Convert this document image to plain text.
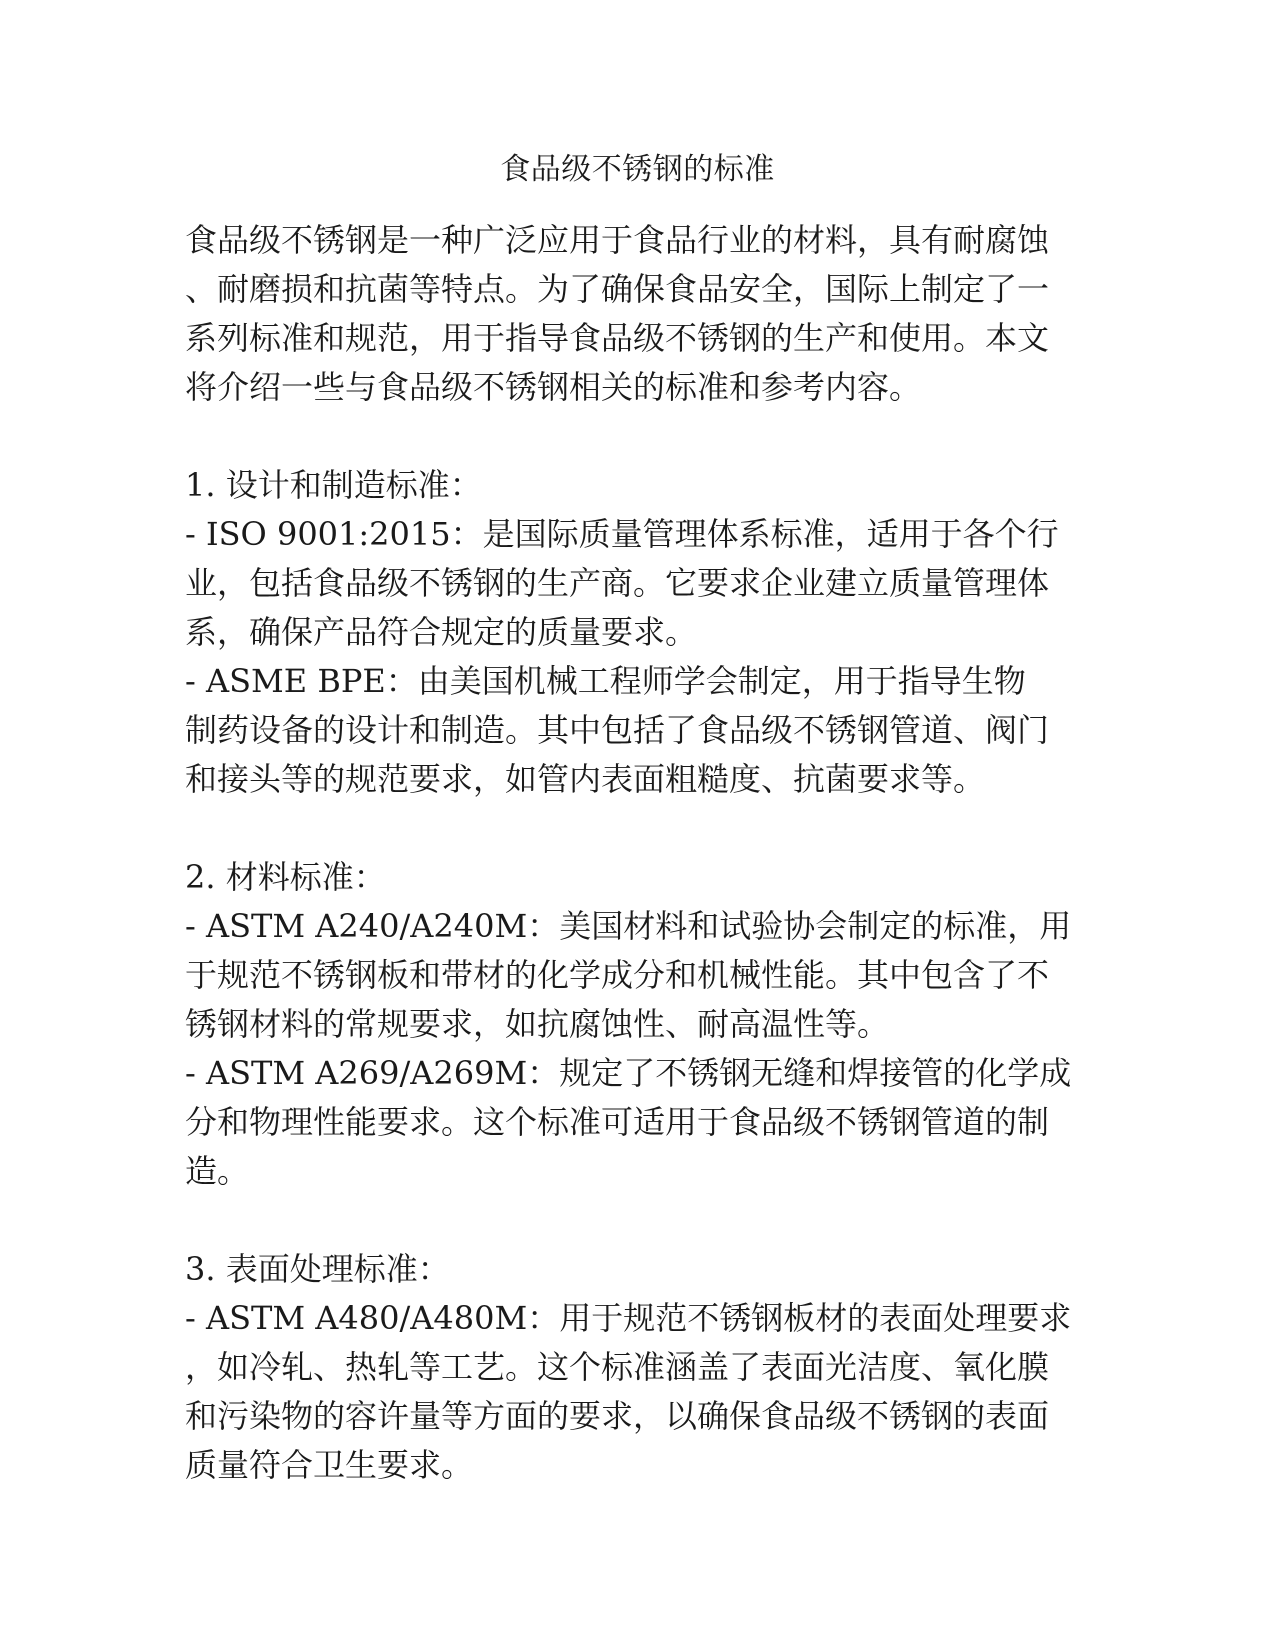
食品级不锈钢的标准

食品级不锈钢是一种广泛应用于食品行业的材料，具有耐腐蚀
、耐磨损和抗菌等特点。为了确保食品安全，国际上制定了一
系列标准和规范，用于指导食品级不锈钢的生产和使用。本文
将介绍一些与食品级不锈钢相关的标准和参考内容。

1. 设计和制造标准：

- ISO 9001:2015：是国际质量管理体系标准，适用于各个行
业，包括食品级不锈钢的生产商。它要求企业建立质量管理体
系，确保产品符合规定的质量要求。

- ASME BPE：由美国机械工程师学会制定，用于指导生物
制药设备的设计和制造。其中包括了食品级不锈钢管道、阀门
和接头等的规范要求，如管内表面粗糙度、抗菌要求等。

2. 材料标准：

- ASTM A240/A240M：美国材料和试验协会制定的标准，用
于规范不锈钢板和带材的化学成分和机械性能。其中包含了不
锈钢材料的常规要求，如抗腐蚀性、耐高温性等。

- ASTM A269/A269M：规定了不锈钢无缝和焊接管的化学成
分和物理性能要求。这个标准可适用于食品级不锈钢管道的制
造。

3. 表面处理标准：

- ASTM A480/A480M：用于规范不锈钢板材的表面处理要求
，如冷轧、热轧等工艺。这个标准涵盖了表面光洁度、氧化膜
和污染物的容许量等方面的要求，以确保食品级不锈钢的表面
质量符合卫生要求。
